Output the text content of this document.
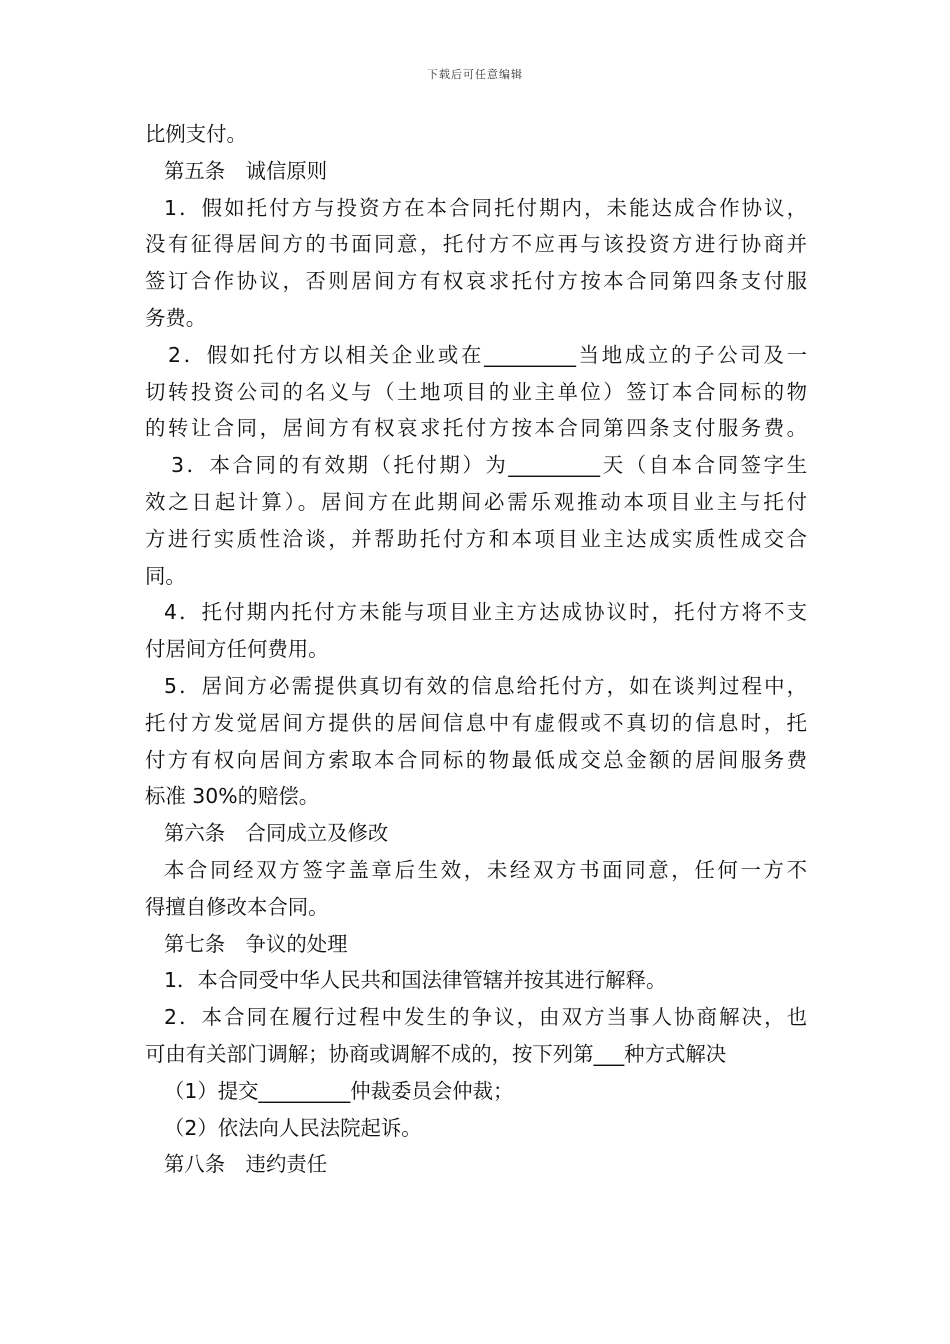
下载后可任意编辑
比例支付。
第五条　诚信原则
1．假如托付方与投资方在本合同托付期内，未能达成合作协议，
没有征得居间方的书面同意，托付方不应再与该投资方进行协商并
签订合作协议，否则居间方有权哀求托付方按本合同第四条支付服
务费。
2．假如托付方以相关企业或在_________当地成立的子公司及一
切转投资公司的名义与（土地项目的业主单位）签订本合同标的物
的转让合同，居间方有权哀求托付方按本合同第四条支付服务费。
3．本合同的有效期（托付期）为_________天（自本合同签字生
效之日起计算）。居间方在此期间必需乐观推动本项目业主与托付
方进行实质性洽谈，并帮助托付方和本项目业主达成实质性成交合
同。
4．托付期内托付方未能与项目业主方达成协议时，托付方将不支
付居间方任何费用。
5．居间方必需提供真切有效的信息给托付方，如在谈判过程中，
托付方发觉居间方提供的居间信息中有虚假或不真切的信息时，托
付方有权向居间方索取本合同标的物最低成交总金额的居间服务费
标准 30%的赔偿。
第六条　合同成立及修改
本合同经双方签字盖章后生效，未经双方书面同意，任何一方不
得擅自修改本合同。
第七条　争议的处理
1．本合同受中华人民共和国法律管辖并按其进行解释。
2．本合同在履行过程中发生的争议，由双方当事人协商解决，也
可由有关部门调解；协商或调解不成的，按下列第___种方式解决
（1）提交_________仲裁委员会仲裁；
（2）依法向人民法院起诉。
第八条　违约责任
